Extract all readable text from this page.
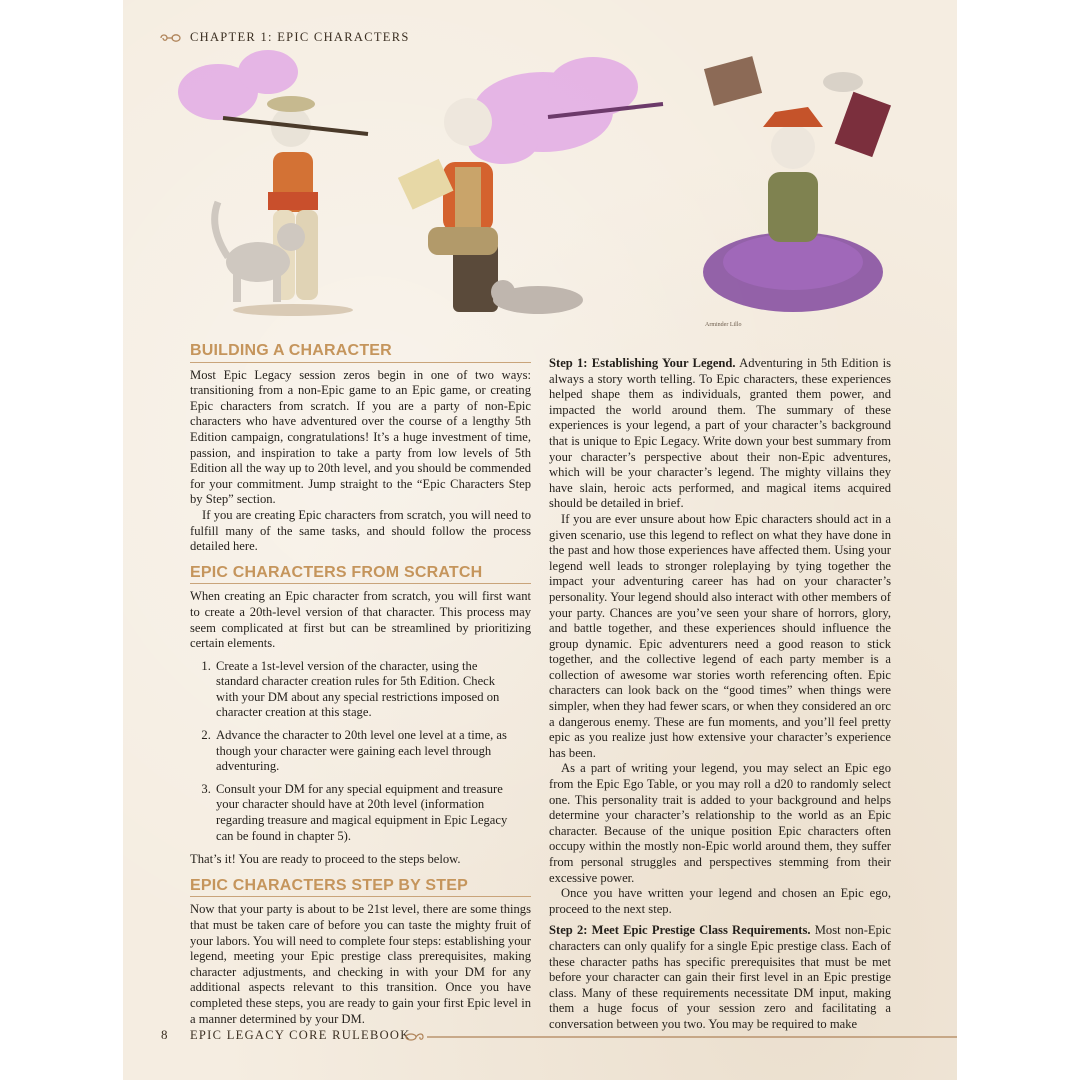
CHAPTER 1: EPIC CHARACTERS
Arminder Lillo
BUILDING A CHARACTER

Most Epic Legacy session zeros begin in one of two ways: transitioning from a non-Epic game to an Epic game, or creating Epic characters from scratch. If you are a party of non-Epic characters who have adventured over the course of a lengthy 5th Edition campaign, congratulations! It’s a huge investment of time, passion, and inspiration to take a party from low levels of 5th Edition all the way up to 20th level, and you should be commended for your commitment. Jump straight to the “Epic Characters Step by Step” section.

If you are creating Epic characters from scratch, you will need to fulfill many of the same tasks, and should follow the process detailed here.

EPIC CHARACTERS FROM SCRATCH

When creating an Epic character from scratch, you will first want to create a 20th-level version of that character. This process may seem complicated at first but can be streamlined by prioritizing certain elements.

1. Create a 1st-level version of the character, using the standard character creation rules for 5th Edition. Check with your DM about any special restrictions imposed on character creation at this stage.
2. Advance the character to 20th level one level at a time, as though your character were gaining each level through adventuring.
3. Consult your DM for any special equipment and treasure your character should have at 20th level (information regarding treasure and magical equipment in Epic Legacy can be found in chapter 5).

That’s it! You are ready to proceed to the steps below.

EPIC CHARACTERS STEP BY STEP

Now that your party is about to be 21st level, there are some things that must be taken care of before you can taste the mighty fruit of your labors. You will need to complete four steps: establishing your legend, meeting your Epic prestige class prerequisites, making character adjustments, and checking in with your DM for any additional aspects relevant to this transition. Once you have completed these steps, you are ready to gain your first Epic level in a manner determined by your DM.

Step 1: Establishing Your Legend. Adventuring in 5th Edition is always a story worth telling. To Epic characters, these experiences helped shape them as individuals, granted them power, and impacted the world around them. The summary of these experiences is your legend, a part of your character’s background that is unique to Epic Legacy. Write down your best summary from your character’s perspective about their non-Epic adventures, which will be your character’s legend. The mighty villains they have slain, heroic acts performed, and magical items acquired should be detailed in brief.

If you are ever unsure about how Epic characters should act in a given scenario, use this legend to reflect on what they have done in the past and how those experiences have affected them. Using your legend well leads to stronger roleplaying by tying together the impact your adventuring career has had on your character’s personality. Your legend should also interact with other members of your party. Chances are you’ve seen your share of horrors, glory, and battle together, and these experiences should influence the group dynamic. Epic adventurers need a good reason to stick together, and the collective legend of each party member is a collection of awesome war stories worth referencing often. Epic characters can look back on the “good times” when things were simpler, when they had fewer scars, or when they considered an orc a dangerous enemy. These are fun moments, and you’ll feel pretty epic as you realize just how extensive your character’s experience has been.

As a part of writing your legend, you may select an Epic ego from the Epic Ego Table, or you may roll a d20 to randomly select one. This personality trait is added to your background and helps determine your character’s relationship to the world as an Epic character. Because of the unique position Epic characters often occupy within the mostly non-Epic world around them, they suffer from personal struggles and perspectives stemming from their excessive power.

Once you have written your legend and chosen an Epic ego, proceed to the next step.

Step 2: Meet Epic Prestige Class Requirements. Most non-Epic characters can only qualify for a single Epic prestige class. Each of these character paths has specific prerequisites that must be met before your character can gain their first level in an Epic prestige class. Many of these requirements necessitate DM input, making them a huge focus of your session zero and facilitating a conversation between you two. You may be required to make

8 EPIC LEGACY CORE RULEBOOK
